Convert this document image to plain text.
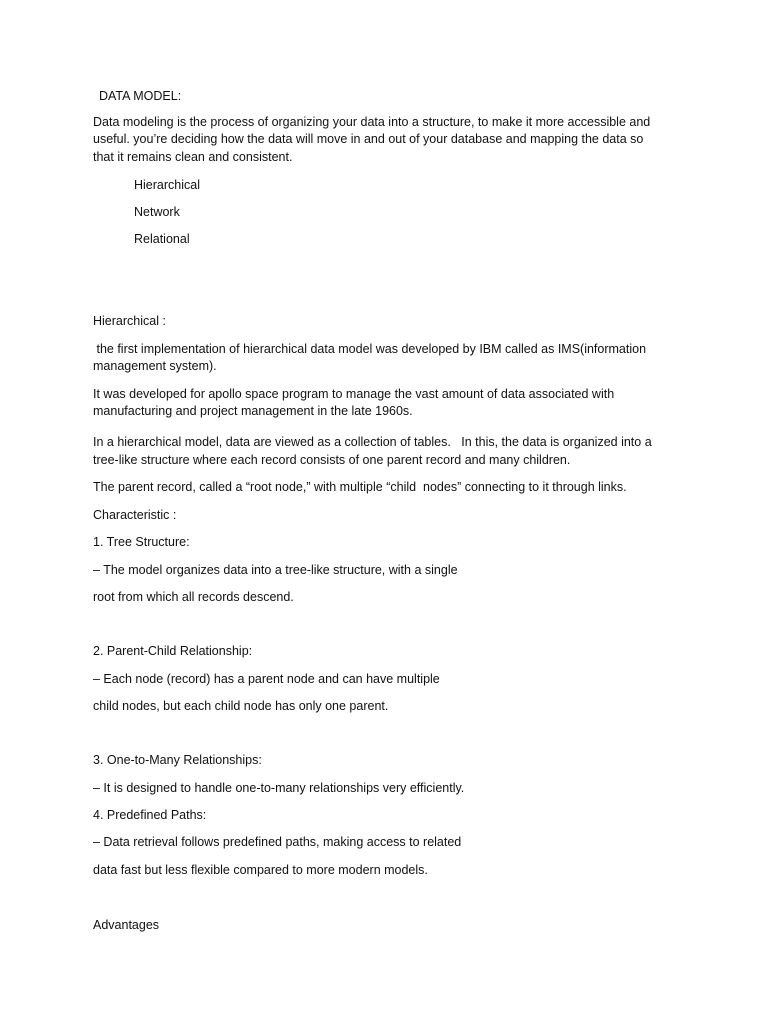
DATA MODEL:

Data modeling is the process of organizing your data into a structure, to make it more accessible and

useful. you’re deciding how the data will move in and out of your database and mapping the data so

that it remains clean and consistent.

Hierarchical

Network

Relational

Hierarchical :

the first implementation of hierarchical data model was developed by IBM called as IMS(information

management system).

It was developed for apollo space program to manage the vast amount of data associated with

manufacturing and project management in the late 1960s.

In a hierarchical model, data are viewed as a collection of tables.   In this, the data is organized into a

tree-like structure where each record consists of one parent record and many children.

The parent record, called a “root node,” with multiple “child  nodes” connecting to it through links.

Characteristic :

1. Tree Structure:

– The model organizes data into a tree-like structure, with a single

root from which all records descend.

2. Parent-Child Relationship:

– Each node (record) has a parent node and can have multiple

child nodes, but each child node has only one parent.

3. One-to-Many Relationships:

– It is designed to handle one-to-many relationships very efficiently.

4. Predefined Paths:

– Data retrieval follows predefined paths, making access to related

data fast but less flexible compared to more modern models.

Advantages
